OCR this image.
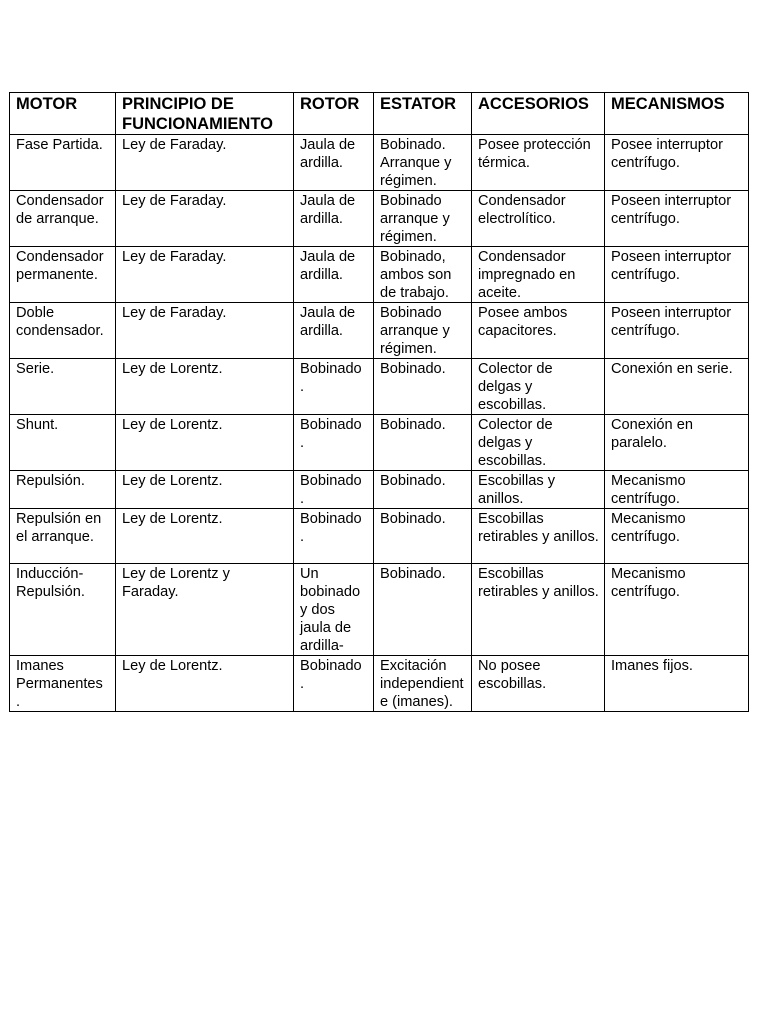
MOTOR	PRINCIPIO DE FUNCIONAMIENTO	ROTOR	ESTATOR	ACCESORIOS	MECANISMOS
Fase Partida.	Ley de Faraday.	Jaula de ardilla.	Bobinado. Arranque y régimen.	Posee protección térmica.	Posee interruptor centrífugo.
Condensador de arranque.	Ley de Faraday.	Jaula de ardilla.	Bobinado arranque y régimen.	Condensador electrolítico.	Poseen interruptor centrífugo.
Condensador permanente.	Ley de Faraday.	Jaula de ardilla.	Bobinado, ambos son de trabajo.	Condensador impregnado en aceite.	Poseen interruptor centrífugo.
Doble condensador.	Ley de Faraday.	Jaula de ardilla.	Bobinado arranque y régimen.	Posee ambos capacitores.	Poseen interruptor centrífugo.
Serie.	Ley de Lorentz.	Bobinado .	Bobinado.	Colector de delgas y escobillas.	Conexión en serie.
Shunt.	Ley de Lorentz.	Bobinado .	Bobinado.	Colector de delgas y escobillas.	Conexión en paralelo.
Repulsión.	Ley de Lorentz.	Bobinado .	Bobinado.	Escobillas y anillos.	Mecanismo centrífugo.
Repulsión en el arranque.	Ley de Lorentz.	Bobinado .	Bobinado.	Escobillas retirables y anillos.	Mecanismo centrífugo.
Inducción-Repulsión.	Ley de Lorentz y Faraday.	Un bobinado y dos jaula de ardilla-	Bobinado.	Escobillas retirables y anillos.	Mecanismo centrífugo.
Imanes Permanentes .	Ley de Lorentz.	Bobinado .	Excitación independiente (imanes).	No posee escobillas.	Imanes fijos.
